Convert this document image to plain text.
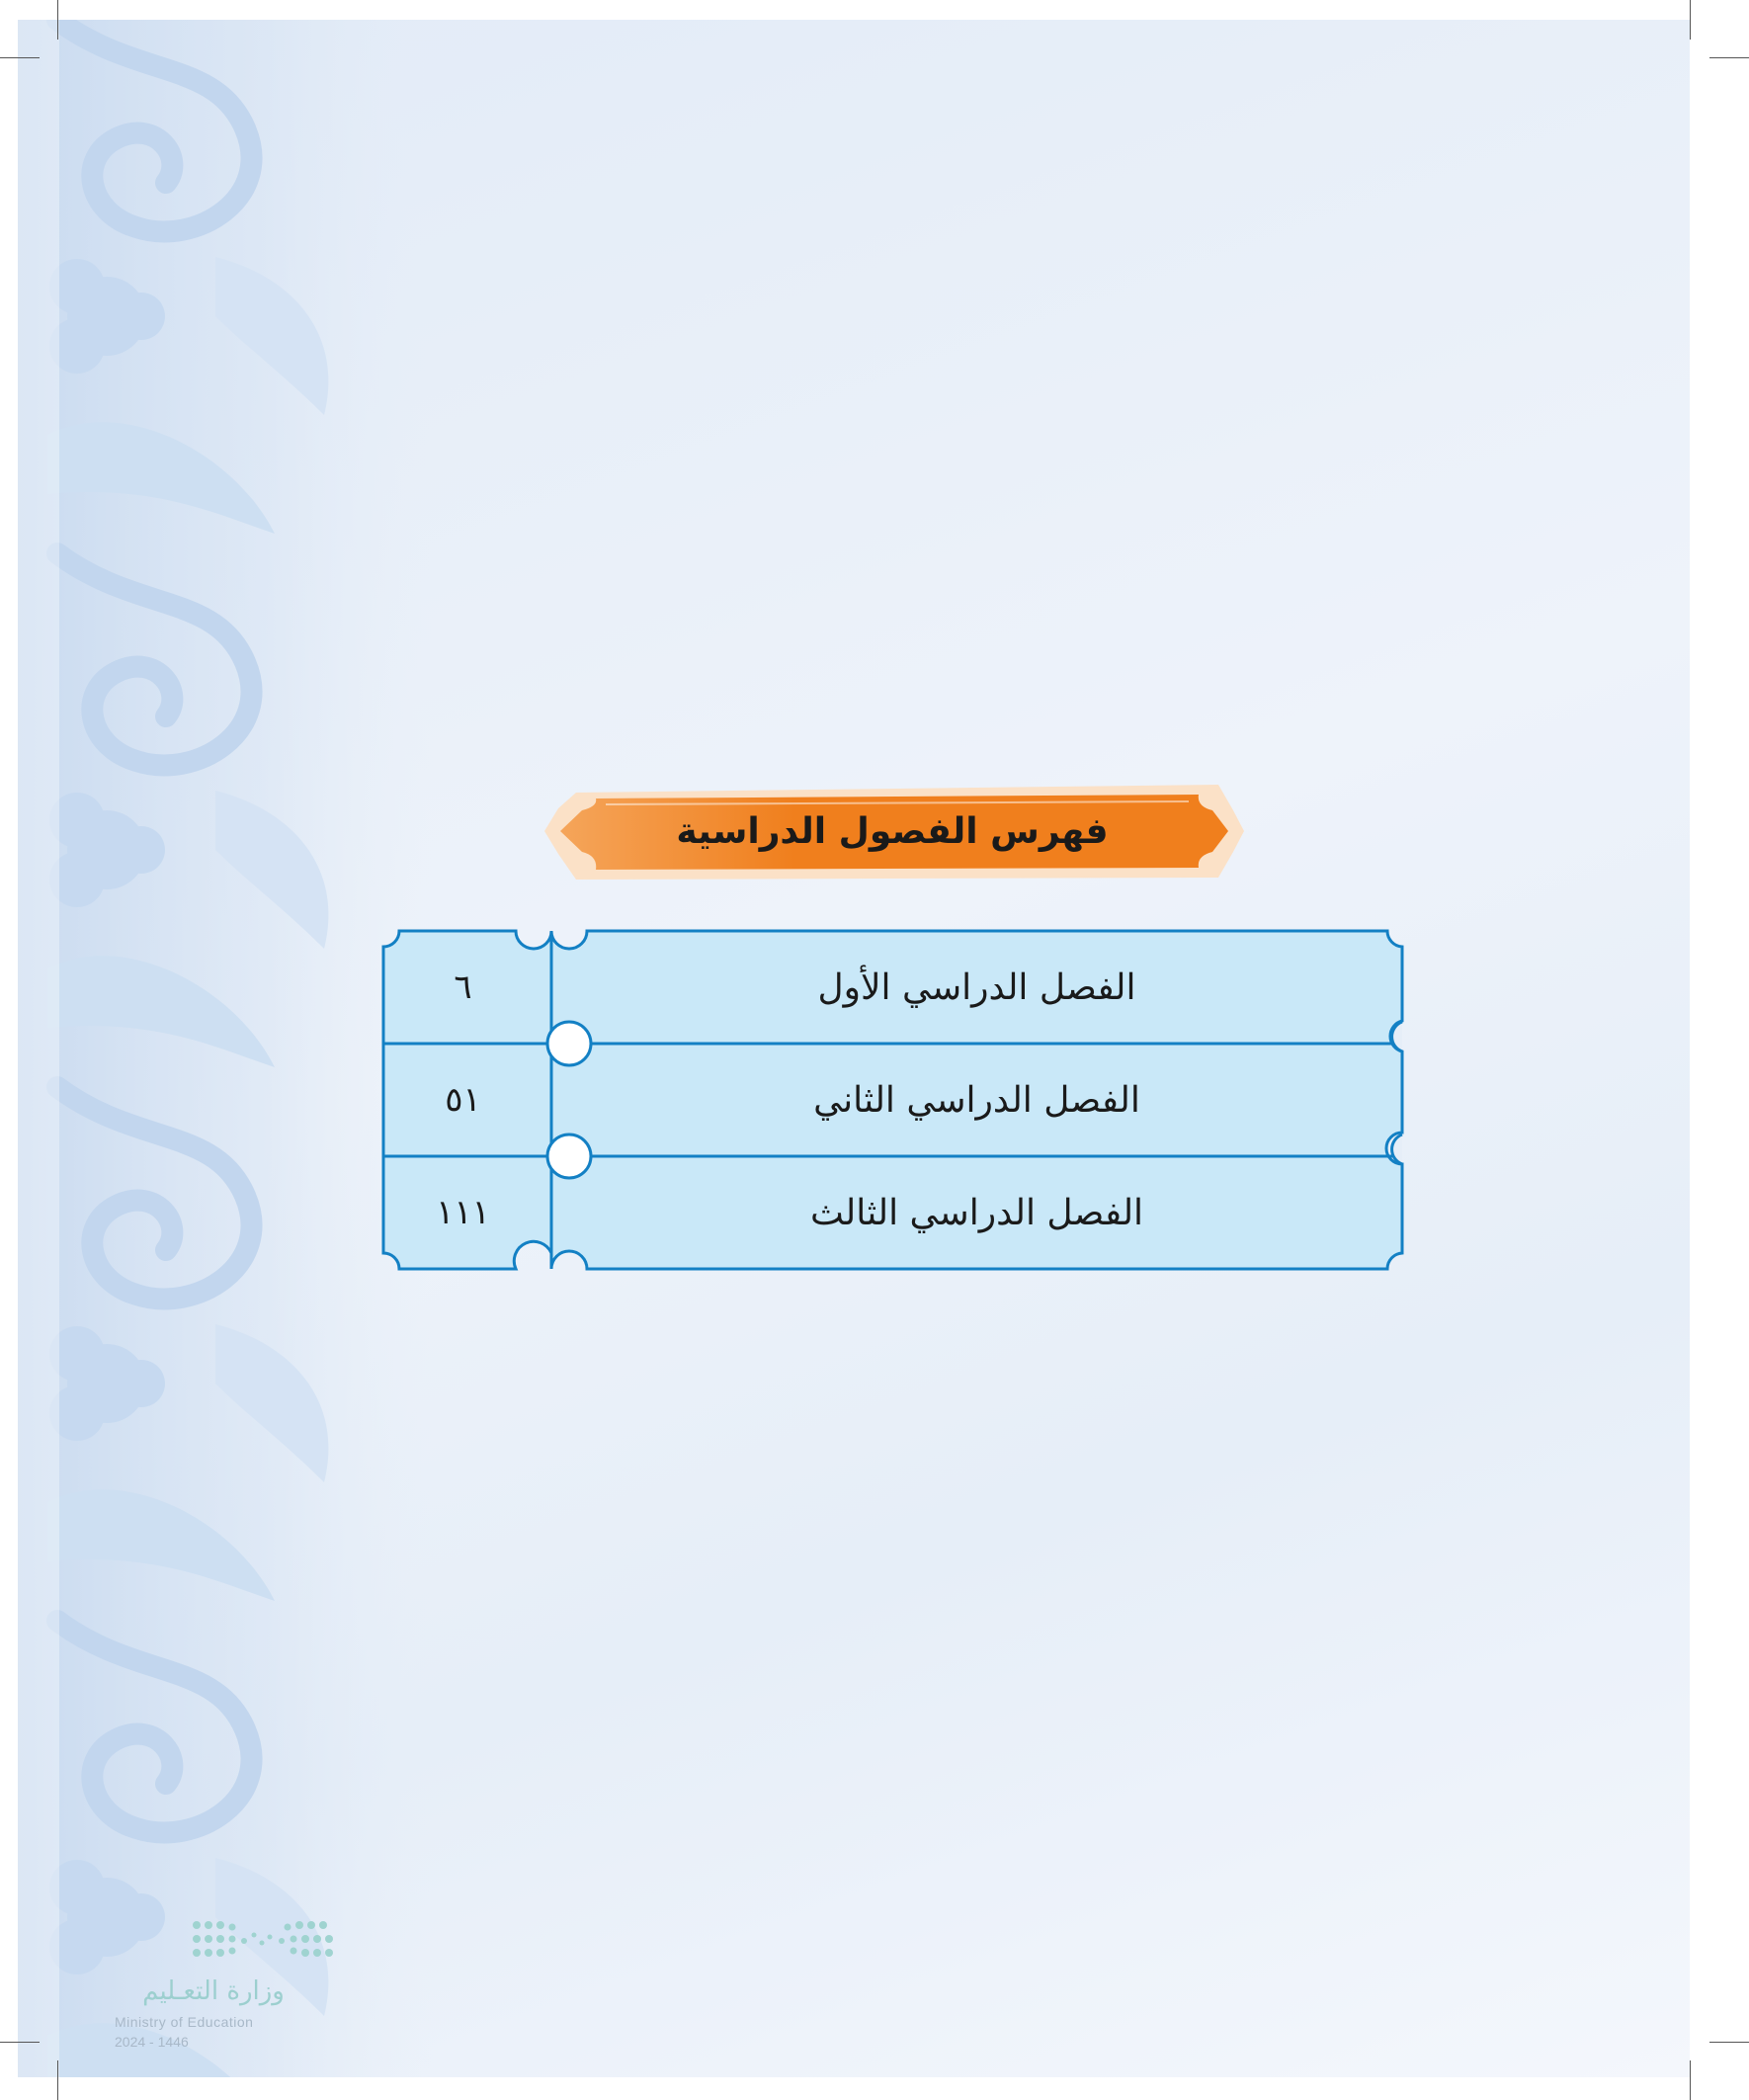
فهرس الفصول الدراسية
الفصل الدراسي الأول
٦
الفصل الدراسي الثاني
٥١
الفصل الدراسي الثالث
١١١
وزارة التعـليم
Ministry of Education
2024 - 1446
